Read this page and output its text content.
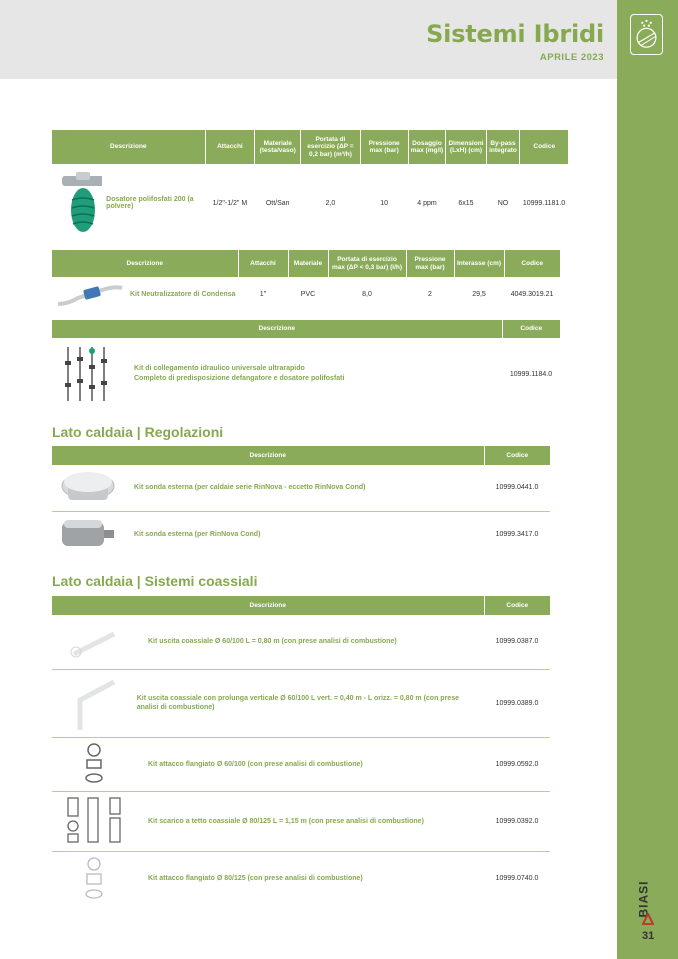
Sistemi Ibridi
APRILE 2023
BIASI
31
Descrizione	Attacchi	Materiale (testa/vaso)	Portata di esercizio (ΔP = 0,2 bar) (m³/h)	Pressione max (bar)	Dosaggio max (mg/l)	Dimensioni (LxH) (cm)	By-pass integrato	Codice

Dosatore polifosfati 200 (a polvere)	1/2"-1/2" M	Ott/San	2,0	10	4 ppm	6x15	NO	10999.1181.0
Descrizione	Attacchi	Materiale	Portata di esercizio max (ΔP < 0,3 bar) (l/h)	Pressione max (bar)	Interasse (cm)	Codice

Kit Neutralizzatore di Condensa	1"	PVC	8,0	2	29,5	4049.3019.21
Descrizione	Codice

Kit di collegamento idraulico universale ultrarapido
Completo di predisposizione defangatore e dosatore polifosfati	10999.1184.0
Lato caldaia | Regolazioni
Descrizione	Codice

Kit sonda esterna (per caldaie serie RinNova - eccetto RinNova Cond)	10999.0441.0

Kit sonda esterna (per RinNova Cond)	10999.3417.0
Lato caldaia | Sistemi coassiali
Descrizione	Codice

Kit uscita coassiale Ø 60/100 L = 0,80 m (con prese analisi di combustione)	10999.0387.0

Kit uscita coassiale con prolunga verticale Ø 60/100 L vert. = 0,40 m - L orizz. = 0,80 m (con prese analisi di combustione)	10999.0389.0

Kit attacco flangiato Ø 60/100 (con prese analisi di combustione)	10999.0592.0

Kit scarico a tetto coassiale Ø 80/125 L = 1,15 m (con prese analisi di combustione)	10999.0392.0

Kit attacco flangiato Ø 80/125 (con prese analisi di combustione)	10999.0740.0
